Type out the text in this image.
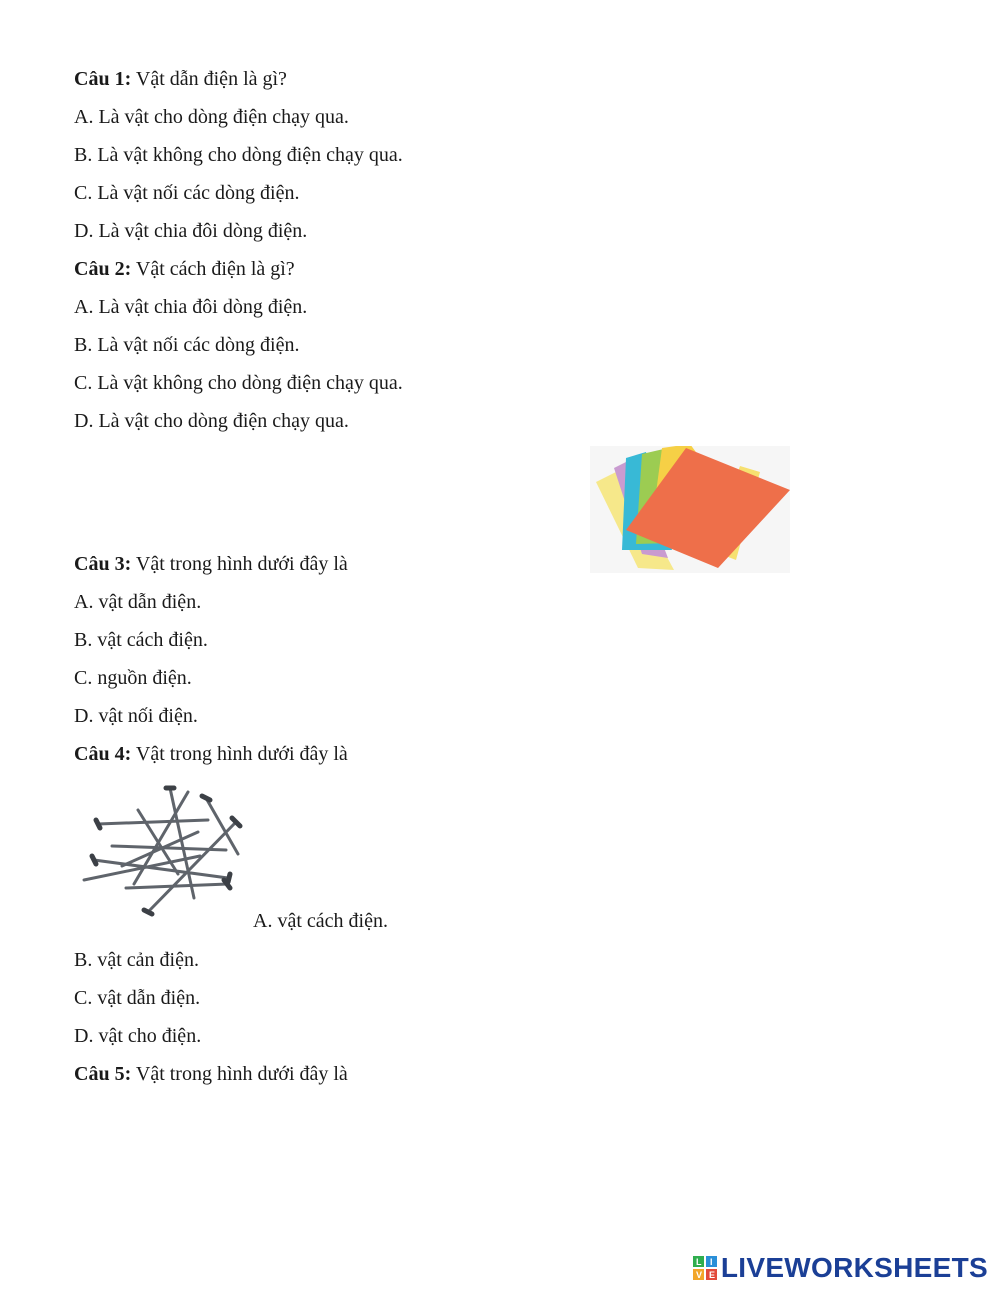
Câu 1: Vật dẫn điện là gì?
A. Là vật cho dòng điện chạy qua.
B. Là vật không cho dòng điện chạy qua.
C. Là vật nối các dòng điện.
D. Là vật chia đôi dòng điện.
Câu 2: Vật cách điện là gì?
A. Là vật chia đôi dòng điện.
B. Là vật nối các dòng điện.
C. Là vật không cho dòng điện chạy qua.
D. Là vật cho dòng điện chạy qua.
Câu 3: Vật trong hình dưới đây là
A. vật dẫn điện.
B. vật cách điện.
C. nguồn điện.
D. vật nối điện.
Câu 4: Vật trong hình dưới đây là
A. vật cách điện.
B. vật cản điện.
C. vật dẫn điện.
D. vật cho điện.
Câu 5: Vật trong hình dưới đây là
L I
V E LIVEWORKSHEETS
